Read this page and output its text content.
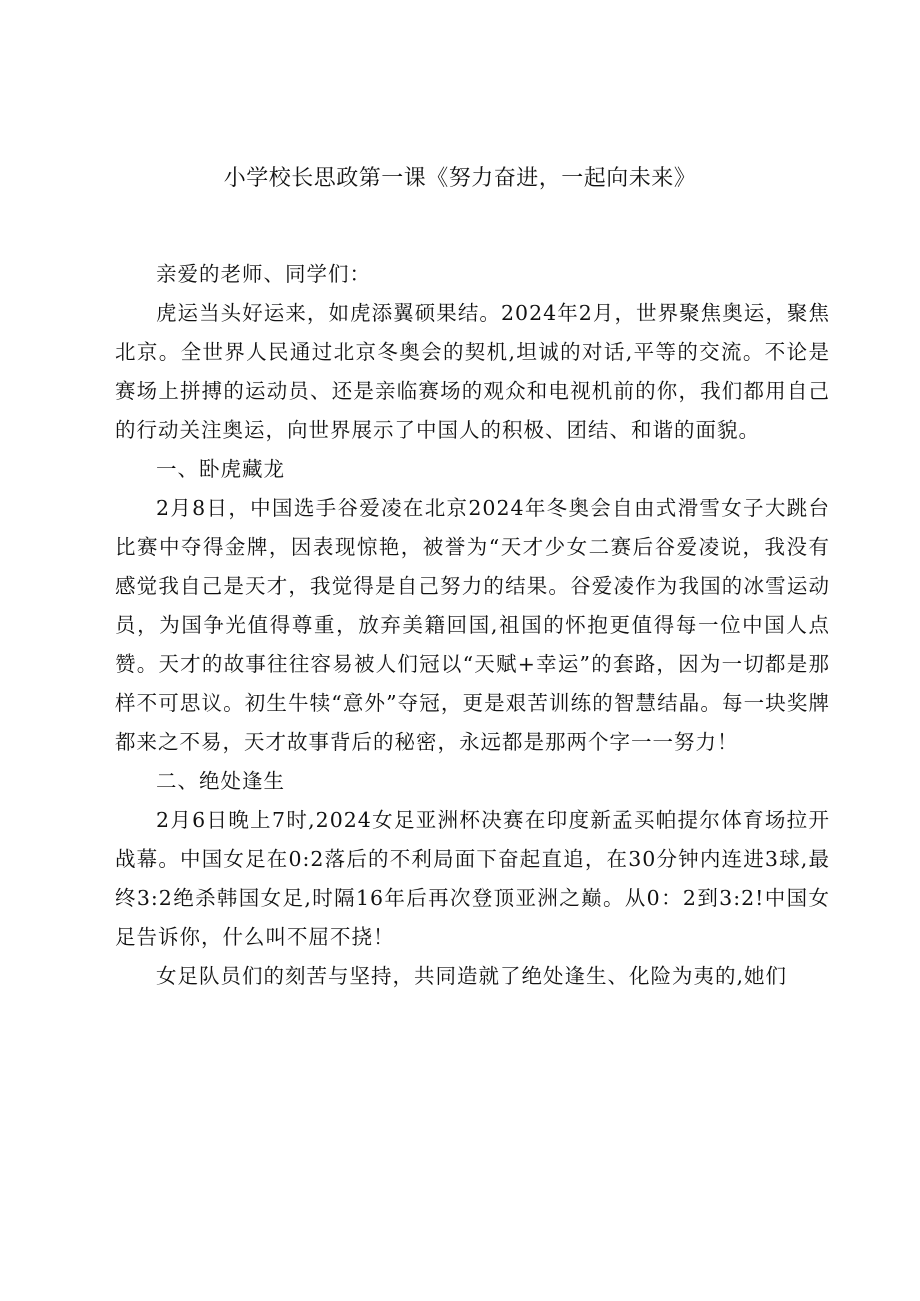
小学校长思政第一课《努力奋进，一起向未来》

亲爱的老师、同学们：

虎运当头好运来，如虎添翼硕果结。2024年2月，世界聚焦奥运，聚焦北京。全世界人民通过北京冬奥会的契机,坦诚的对话,平等的交流。不论是赛场上拼搏的运动员、还是亲临赛场的观众和电视机前的你，我们都用自己的行动关注奥运，向世界展示了中国人的积极、团结、和谐的面貌。

一、卧虎藏龙

2月8日，中国选手谷爱凌在北京2024年冬奥会自由式滑雪女子大跳台比赛中夺得金牌，因表现惊艳，被誉为“天才少女二赛后谷爱凌说，我没有感觉我自己是天才，我觉得是自己努力的结果。谷爱凌作为我国的冰雪运动员，为国争光值得尊重，放弃美籍回国,祖国的怀抱更值得每一位中国人点赞。天才的故事往往容易被人们冠以“天赋+幸运”的套路，因为一切都是那样不可思议。初生牛犊“意外”夺冠，更是艰苦训练的智慧结晶。每一块奖牌都来之不易，天才故事背后的秘密，永远都是那两个字一一努力！

二、绝处逢生

2月6日晚上7时,2024女足亚洲杯决赛在印度新孟买帕提尔体育场拉开战幕。中国女足在0:2落后的不利局面下奋起直追，在30分钟内连进3球,最终3:2绝杀韩国女足,时隔16年后再次登顶亚洲之巅。从0：2到3:2!中国女足告诉你，什么叫不屈不挠！

女足队员们的刻苦与坚持，共同造就了绝处逢生、化险为夷的,她们
